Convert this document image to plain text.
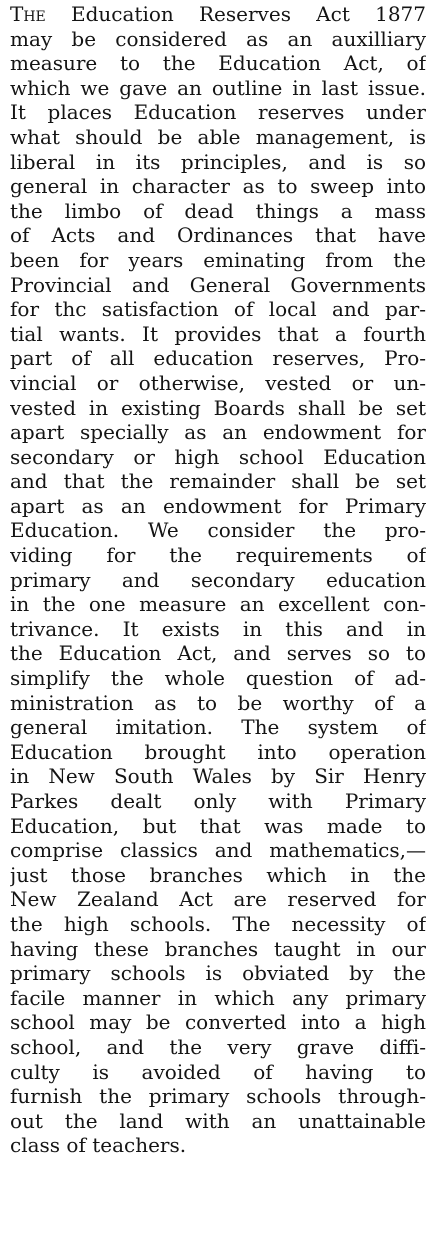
The Education Reserves Act 1877
may be considered as an auxilliary
measure to the Education Act, of
which we gave an outline in last issue.
It places Education reserves under
what should be able management, is
liberal in its principles, and is so
general in character as to sweep into
the limbo of dead things a mass
of Acts and Ordinances that have
been for years eminating from the
Provincial and General Governments
for thc satisfaction of local and par-
tial wants. It provides that a fourth
part of all education reserves, Pro-
vincial or otherwise, vested or un-
vested in existing Boards shall be set
apart specially as an endowment for
secondary or high school Education
and that the remainder shall be set
apart as an endowment for Primary
Education. We consider the pro-
viding for the requirements of
primary and secondary education
in the one measure an excellent con-
trivance. It exists in this and in
the Education Act, and serves so to
simplify the whole question of ad-
ministration as to be worthy of a
general imitation. The system of
Education brought into operation
in New South Wales by Sir Henry
Parkes dealt only with Primary
Education, but that was made to
comprise classics and mathematics,—
just those branches which in the
New Zealand Act are reserved for
the high schools. The necessity of
having these branches taught in our
primary schools is obviated by the
facile manner in which any primary
school may be converted into a high
school, and the very grave diffi-
culty is avoided of having to
furnish the primary schools through-
out the land with an unattainable
class of teachers.
